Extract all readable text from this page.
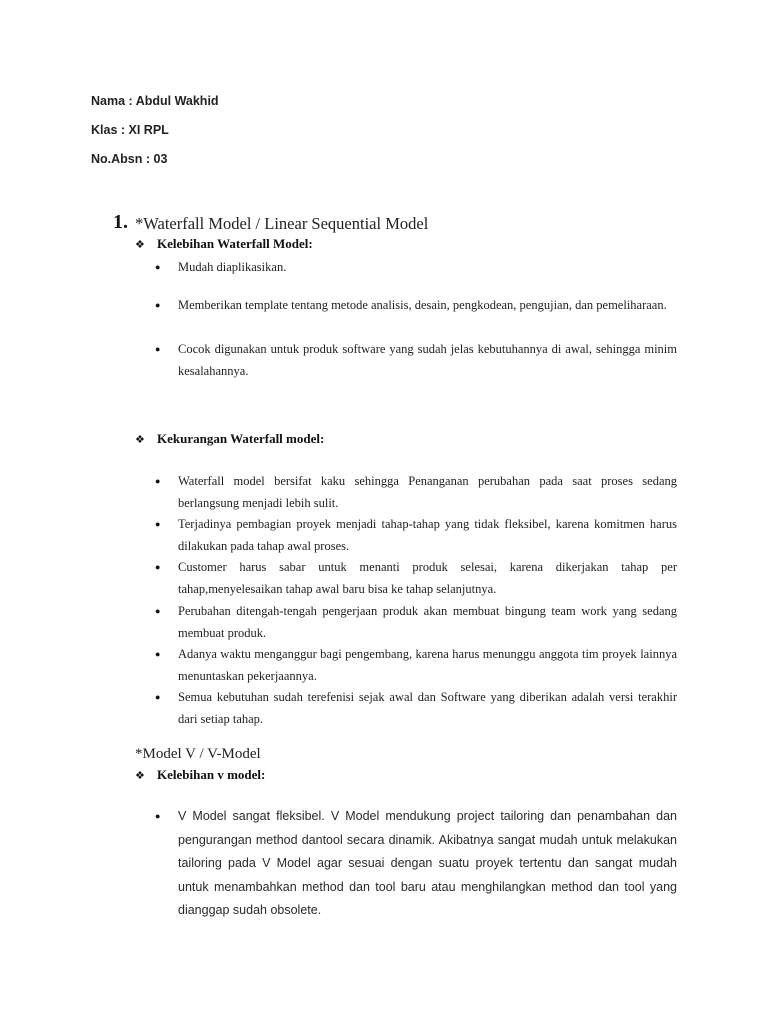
Nama : Abdul Wakhid
Klas : XI RPL
No.Absn : 03
1. *Waterfall Model / Linear Sequential Model
❖ Kelebihan Waterfall Model:
●	Mudah diaplikasikan.
●	Memberikan template tentang metode analisis, desain, pengkodean, pengujian, dan pemeliharaan.
●	Cocok digunakan untuk produk software yang sudah jelas kebutuhannya di awal, sehingga minim kesalahannya.
❖ Kekurangan Waterfall model:
●	Waterfall model bersifat kaku sehingga Penanganan perubahan pada saat proses sedang berlangsung menjadi lebih sulit.
●	Terjadinya pembagian proyek menjadi tahap-tahap yang tidak fleksibel, karena komitmen harus dilakukan pada tahap awal proses.
●	Customer harus sabar untuk menanti produk selesai, karena dikerjakan tahap per tahap,menyelesaikan tahap awal baru bisa ke tahap selanjutnya.
●	Perubahan ditengah-tengah pengerjaan produk akan membuat bingung team work yang sedang membuat produk.
●	Adanya waktu menganggur bagi pengembang, karena harus menunggu anggota tim proyek lainnya menuntaskan pekerjaannya.
●	Semua kebutuhan sudah terefenisi sejak awal dan Software yang diberikan adalah versi terakhir dari setiap tahap.
*Model V / V-Model
❖ Kelebihan v model:
●	V Model sangat fleksibel. V Model mendukung project tailoring dan penambahan dan pengurangan method dantool secara dinamik. Akibatnya sangat mudah untuk melakukan tailoring pada V Model agar sesuai dengan suatu proyek tertentu dan sangat mudah untuk menambahkan method dan tool baru atau menghilangkan method dan tool yang dianggap sudah obsolete.
